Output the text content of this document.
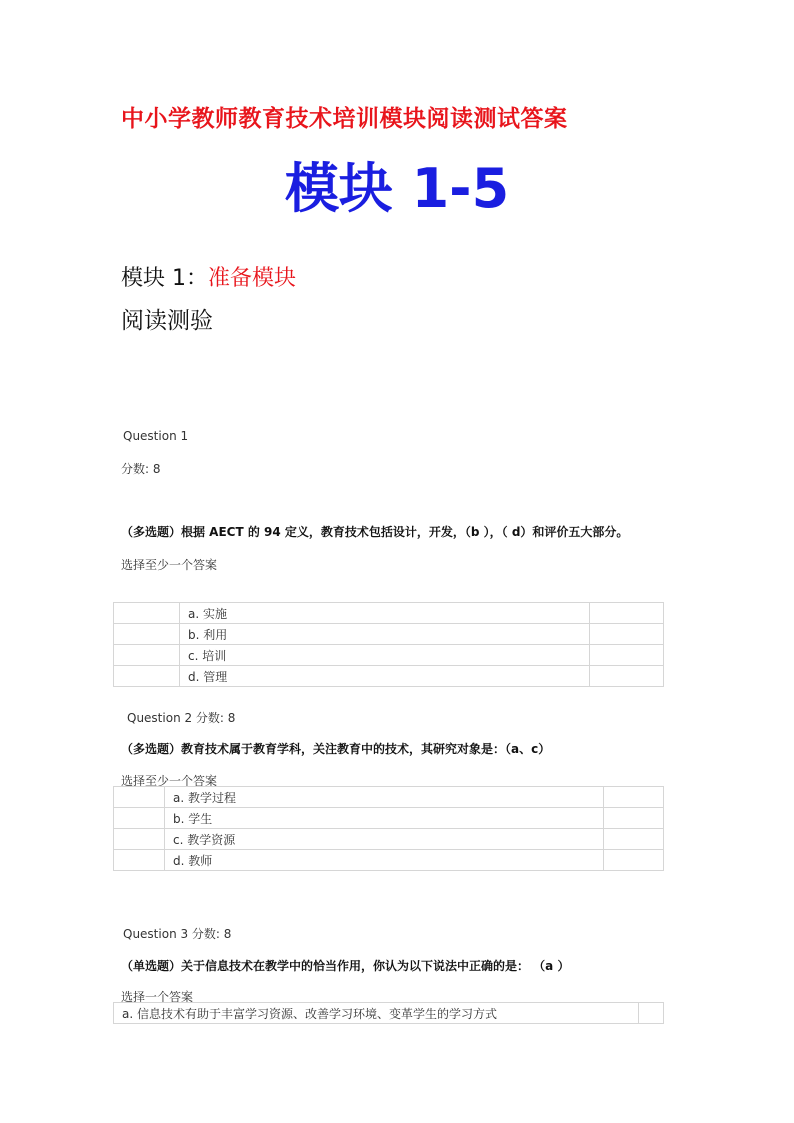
中小学教师教育技术培训模块阅读测试答案
模块 1-5
模块 1：准备模块
阅读测验
Question 1
分数: 8
（多选题）根据 AECT 的 94 定义，教育技术包括设计，开发，（b ），（ d）和评价五大部分。
选择至少一个答案
	a. 实施	
	b. 利用	
	c. 培训	
	d. 管理	
Question 2 分数: 8
（多选题）教育技术属于教育学科，关注教育中的技术，其研究对象是：（a、c）
选择至少一个答案
	a. 教学过程	
	b. 学生	
	c. 教学资源	
	d. 教师	
Question 3 分数: 8
（单选题）关于信息技术在教学中的恰当作用，你认为以下说法中正确的是： （a ）
选择一个答案
a. 信息技术有助于丰富学习资源、改善学习环境、变革学生的学习方式	
